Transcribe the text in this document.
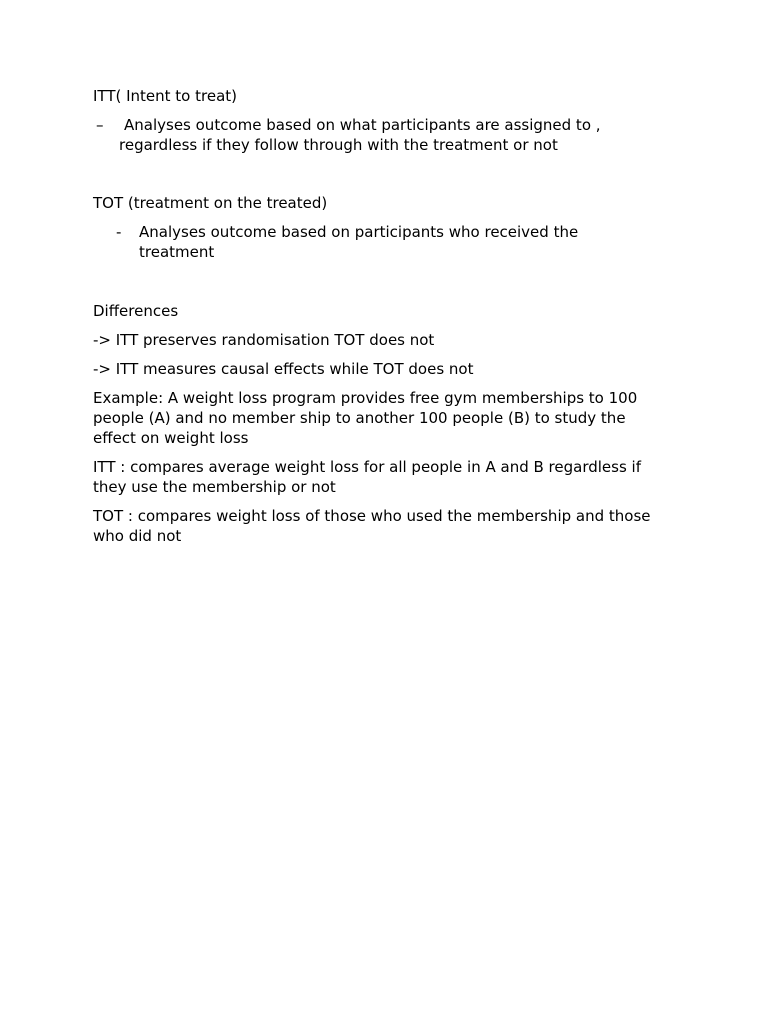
ITT( Intent to treat)
–	Analyses outcome based on what participants are assigned to ,
regardless if they follow through with the treatment or not
TOT (treatment on the treated)
- Analyses outcome based on participants who received the
treatment
Differences
-> ITT preserves randomisation TOT does not
-> ITT measures causal effects while TOT does not
Example: A weight loss program provides free gym memberships to 100
people (A) and no member ship to another 100 people (B) to study the
effect on weight loss
ITT : compares average weight loss for all people in A and B regardless if
they use the membership or not
TOT : compares weight loss of those who used the membership and those
who did not
